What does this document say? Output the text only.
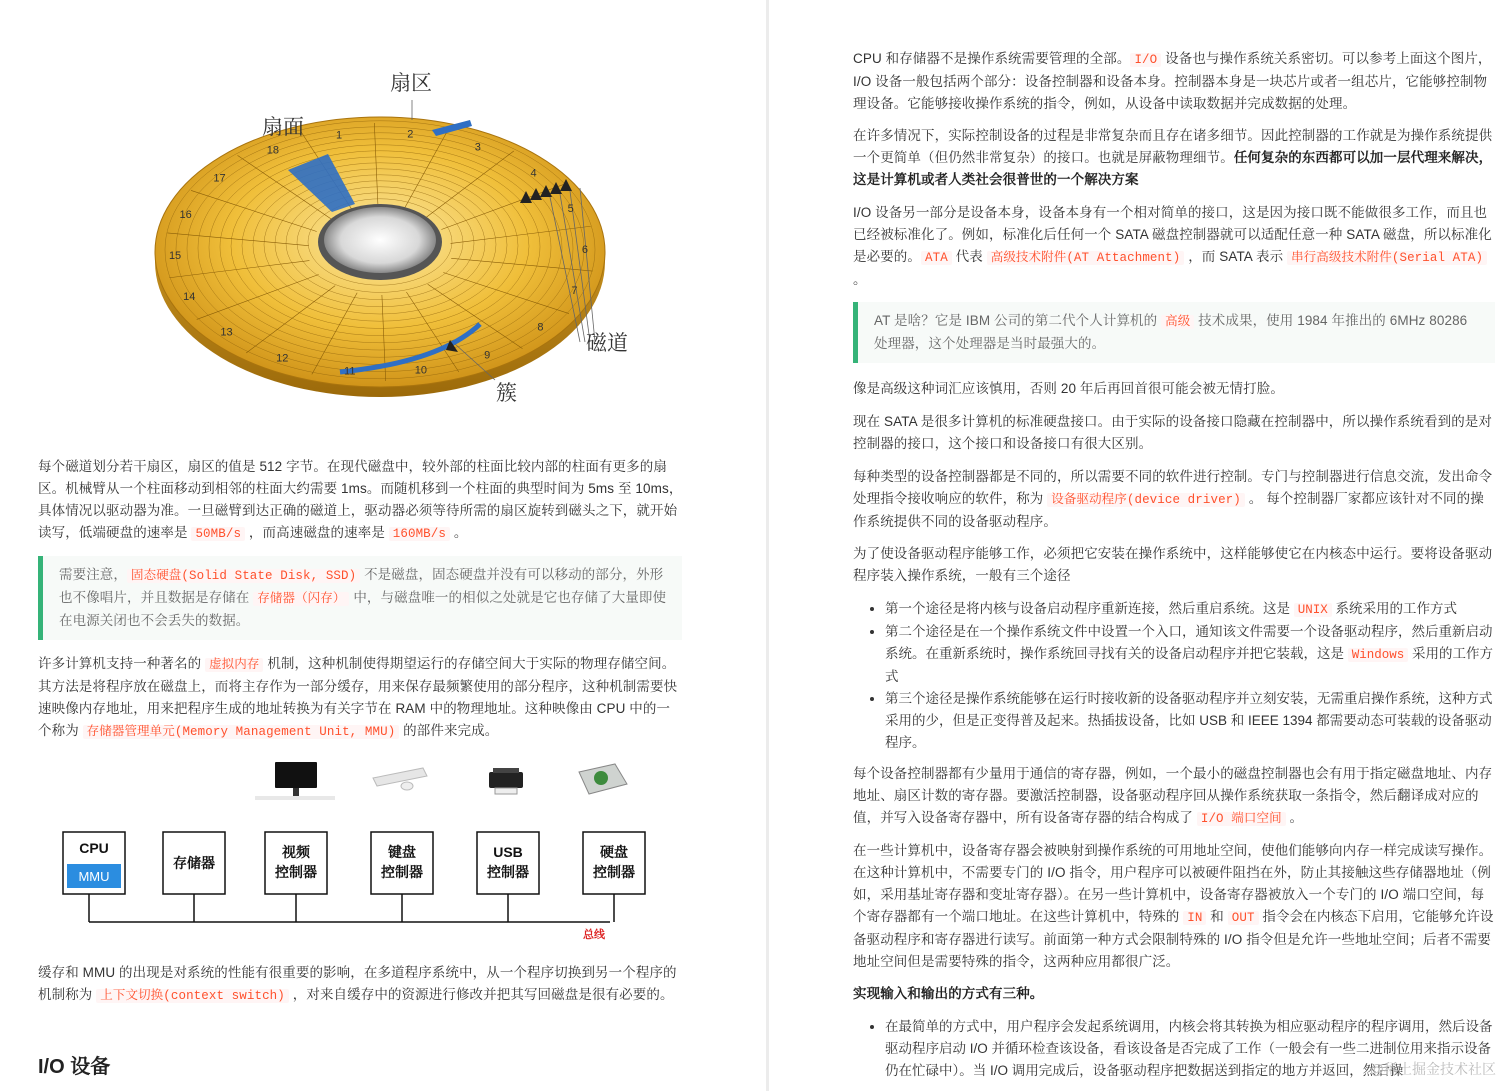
1	2
3
4
5
6
7
8
9
10
11
12
13
14
15
16
17
18
扇区
扇面
磁道
簇

每个磁道划分若干扇区，扇区的值是 512 字节。在现代磁盘中，较外部的柱面比较内部的柱面有更多的扇区。机械臂从一个柱面移动到相邻的柱面大约需要 1ms。而随机移到一个柱面的典型时间为 5ms 至 10ms，具体情况以驱动器为准。一旦磁臂到达正确的磁道上，驱动器必须等待所需的扇区旋转到磁头之下，就开始读写，低端硬盘的速率是 50MB/s ，而高速磁盘的速率是 160MB/s 。

需要注意， 固态硬盘(Solid State Disk, SSD) 不是磁盘，固态硬盘并没有可以移动的部分，外形也不像唱片，并且数据是存储在 存储器（闪存） 中，与磁盘唯一的相似之处就是它也存储了大量即使在电源关闭也不会丢失的数据。

许多计算机支持一种著名的 虚拟内存 机制，这种机制使得期望运行的存储空间大于实际的物理存储空间。其方法是将程序放在磁盘上，而将主存作为一部分缓存，用来保存最频繁使用的部分程序，这种机制需要快速映像内存地址，用来把程序生成的地址转换为有关字节在 RAM 中的物理地址。这种映像由 CPU 中的一个称为 存储器管理单元(Memory Management Unit, MMU) 的部件来完成。

CPU
MMU
存储器
视频
控制器
键盘
控制器
USB
控制器
硬盘
控制器
总线

缓存和 MMU 的出现是对系统的性能有很重要的影响，在多道程序系统中，从一个程序切换到另一个程序的机制称为 上下文切换(context switch) ，对来自缓存中的资源进行修改并把其写回磁盘是很有必要的。

I/O 设备

CPU 和存储器不是操作系统需要管理的全部。 I/O 设备也与操作系统关系密切。可以参考上面这个图片，I/O 设备一般包括两个部分：设备控制器和设备本身。控制器本身是一块芯片或者一组芯片，它能够控制物理设备。它能够接收操作系统的指令，例如，从设备中读取数据并完成数据的处理。

在许多情况下，实际控制设备的过程是非常复杂而且存在诸多细节。因此控制器的工作就是为操作系统提供一个更简单（但仍然非常复杂）的接口。也就是屏蔽物理细节。任何复杂的东西都可以加一层代理来解决，这是计算机或者人类社会很普世的一个解决方案

I/O 设备另一部分是设备本身，设备本身有一个相对简单的接口，这是因为接口既不能做很多工作，而且也已经被标准化了。例如，标准化后任何一个 SATA 磁盘控制器就可以适配任意一种 SATA 磁盘，所以标准化是必要的。 ATA 代表 高级技术附件(AT Attachment) ，而 SATA 表示 串行高级技术附件(Serial ATA) 。

AT 是啥？它是 IBM 公司的第二代个人计算机的 高级 技术成果，使用 1984 年推出的 6MHz 80286 处理器，这个处理器是当时最强大的。

像是高级这种词汇应该慎用，否则 20 年后再回首很可能会被无情打脸。

现在 SATA 是很多计算机的标准硬盘接口。由于实际的设备接口隐藏在控制器中，所以操作系统看到的是对控制器的接口，这个接口和设备接口有很大区别。

每种类型的设备控制器都是不同的，所以需要不同的软件进行控制。专门与控制器进行信息交流，发出命令处理指令接收响应的软件，称为 设备驱动程序(device driver) 。 每个控制器厂家都应该针对不同的操作系统提供不同的设备驱动程序。

为了使设备驱动程序能够工作，必须把它安装在操作系统中，这样能够使它在内核态中运行。要将设备驱动程序装入操作系统，一般有三个途径

• 第一个途径是将内核与设备启动程序重新连接，然后重启系统。这是 UNIX 系统采用的工作方式
• 第二个途径是在一个操作系统文件中设置一个入口，通知该文件需要一个设备驱动程序，然后重新启动系统。在重新系统时，操作系统回寻找有关的设备启动程序并把它装载，这是 Windows 采用的工作方式
• 第三个途径是操作系统能够在运行时接收新的设备驱动程序并立刻安装，无需重启操作系统，这种方式采用的少，但是正变得普及起来。热插拔设备，比如 USB 和 IEEE 1394 都需要动态可装载的设备驱动程序。

每个设备控制器都有少量用于通信的寄存器，例如，一个最小的磁盘控制器也会有用于指定磁盘地址、内存地址、扇区计数的寄存器。要激活控制器，设备驱动程序回从操作系统获取一条指令，然后翻译成对应的值，并写入设备寄存器中，所有设备寄存器的结合构成了 I/O 端口空间 。

在一些计算机中，设备寄存器会被映射到操作系统的可用地址空间，使他们能够向内存一样完成读写操作。在这种计算机中，不需要专门的 I/O 指令，用户程序可以被硬件阻挡在外，防止其接触这些存储器地址（例如，采用基址寄存器和变址寄存器）。在另一些计算机中，设备寄存器被放入一个专门的 I/O 端口空间，每个寄存器都有一个端口地址。在这些计算机中，特殊的 IN 和 OUT 指令会在内核态下启用，它能够允许设备驱动程序和寄存器进行读写。前面第一种方式会限制特殊的 I/O 指令但是允许一些地址空间；后者不需要地址空间但是需要特殊的指令，这两种应用都很广泛。

实现输入和输出的方式有三种。

• 在最简单的方式中，用户程序会发起系统调用，内核会将其转换为相应驱动程序的程序调用，然后设备驱动程序启动 I/O 并循环检查该设备，看该设备是否完成了工作（一般会有一些二进制位用来指示设备仍在忙碌中）。当 I/O 调用完成后，设备驱动程序把数据送到指定的地方并返回，然后操
@稀土掘金技术社区
